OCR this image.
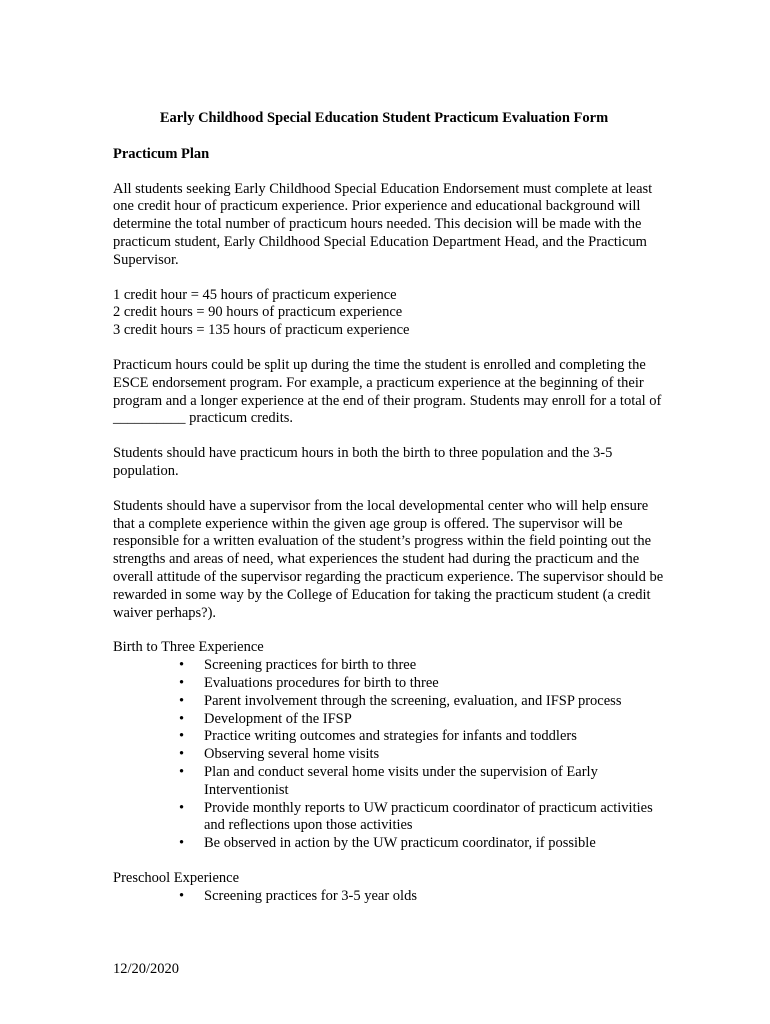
Early Childhood Special Education Student Practicum Evaluation Form
Practicum Plan

All students seeking Early Childhood Special Education Endorsement must complete at least one credit hour of practicum experience. Prior experience and educational background will determine the total number of practicum hours needed. This decision will be made with the practicum student, Early Childhood Special Education Department Head, and the Practicum Supervisor.

1 credit hour = 45 hours of practicum experience
2 credit hours = 90 hours of practicum experience
3 credit hours = 135 hours of practicum experience

Practicum hours could be split up during the time the student is enrolled and completing the ESCE endorsement program. For example, a practicum experience at the beginning of their program and a longer experience at the end of their program. Students may enroll for a total of __________ practicum credits.

Students should have practicum hours in both the birth to three population and the 3-5 population.

Students should have a supervisor from the local developmental center who will help ensure that a complete experience within the given age group is offered. The supervisor will be responsible for a written evaluation of the student’s progress within the field pointing out the strengths and areas of need, what experiences the student had during the practicum and the overall attitude of the supervisor regarding the practicum experience. The supervisor should be rewarded in some way by the College of Education for taking the practicum student (a credit waiver perhaps?).

Birth to Three Experience
• Screening practices for birth to three
• Evaluations procedures for birth to three
• Parent involvement through the screening, evaluation, and IFSP process
• Development of the IFSP
• Practice writing outcomes and strategies for infants and toddlers
• Observing several home visits
• Plan and conduct several home visits under the supervision of Early Interventionist
• Provide monthly reports to UW practicum coordinator of practicum activities and reflections upon those activities
• Be observed in action by the UW practicum coordinator, if possible
Preschool Experience
• Screening practices for 3-5 year olds
12/20/2020
